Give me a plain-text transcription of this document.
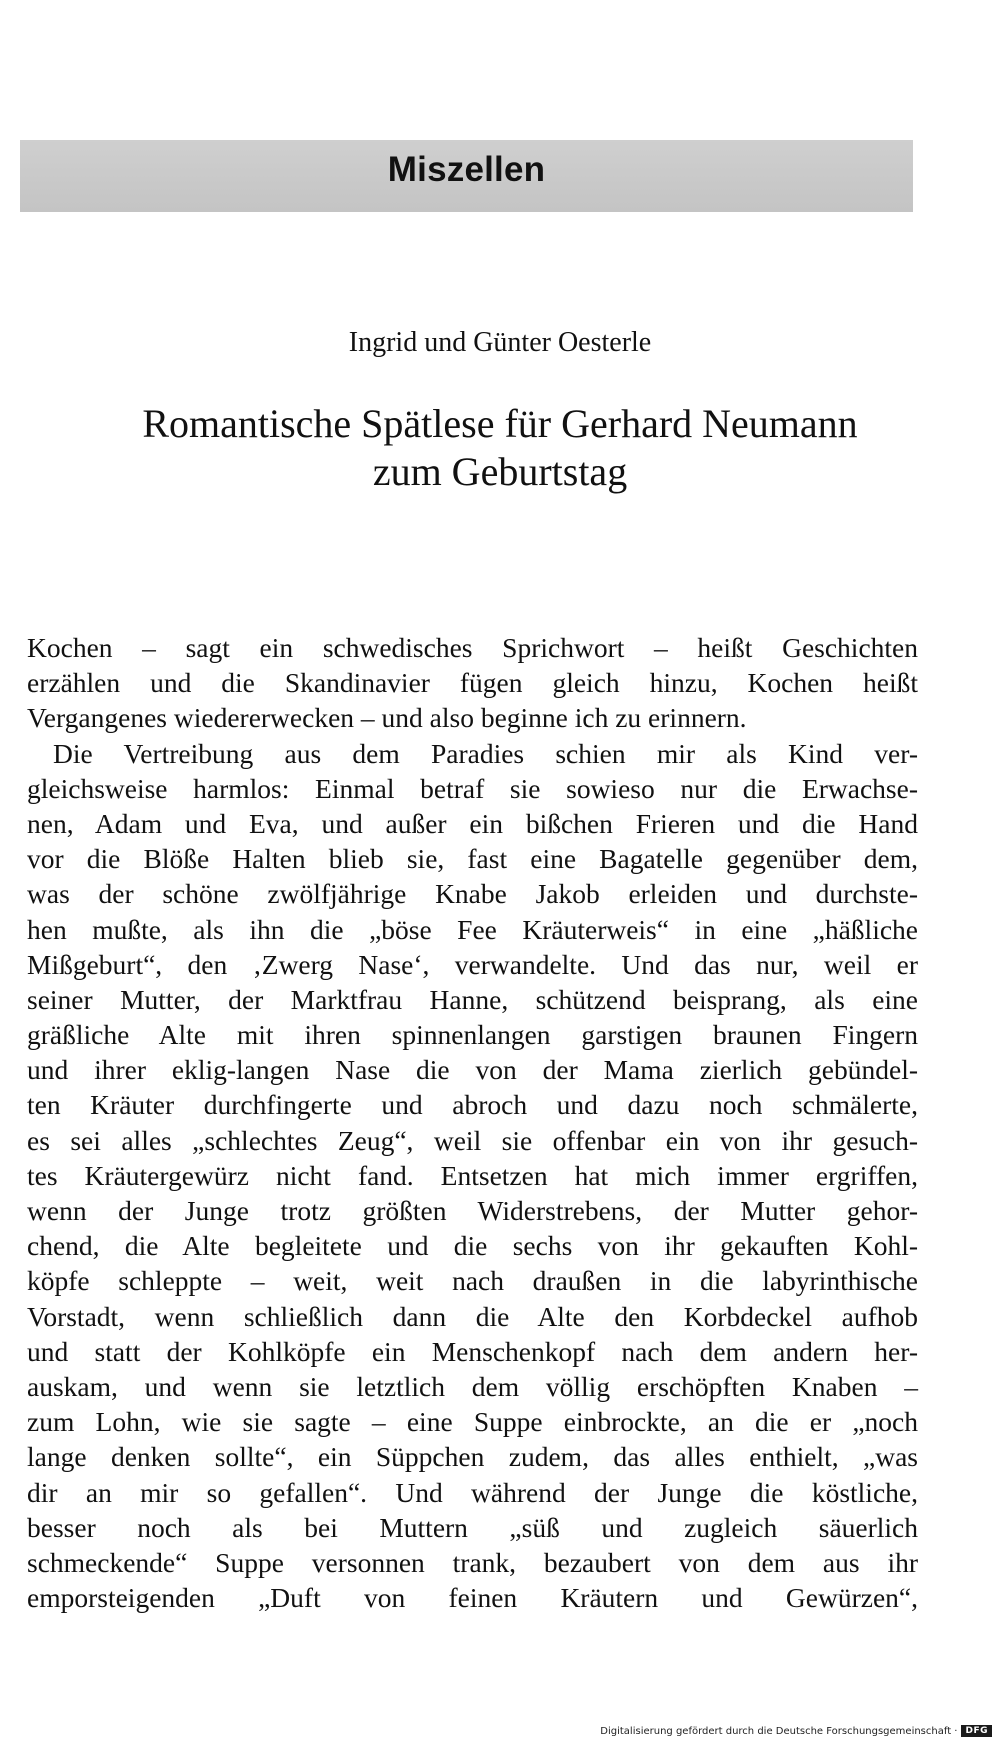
Miszellen
Ingrid und Günter Oesterle
Romantische Spätlese für Gerhard Neumann
zum Geburtstag
Kochen – sagt ein schwedisches Sprichwort – heißt Geschichten
erzählen und die Skandinavier fügen gleich hinzu, Kochen heißt
Vergangenes wiedererwecken – und also beginne ich zu erinnern.
Die Vertreibung aus dem Paradies schien mir als Kind ver-
gleichsweise harmlos: Einmal betraf sie sowieso nur die Erwachse-
nen, Adam und Eva, und außer ein bißchen Frieren und die Hand
vor die Blöße Halten blieb sie, fast eine Bagatelle gegenüber dem,
was der schöne zwölfjährige Knabe Jakob erleiden und durchste-
hen mußte, als ihn die „böse Fee Kräuterweis“ in eine „häßliche
Mißgeburt“, den ‚Zwerg Nase‘, verwandelte. Und das nur, weil er
seiner Mutter, der Marktfrau Hanne, schützend beisprang, als eine
gräßliche Alte mit ihren spinnenlangen garstigen braunen Fingern
und ihrer eklig-langen Nase die von der Mama zierlich gebündel-
ten Kräuter durchfingerte und abroch und dazu noch schmälerte,
es sei alles „schlechtes Zeug“, weil sie offenbar ein von ihr gesuch-
tes Kräutergewürz nicht fand. Entsetzen hat mich immer ergriffen,
wenn der Junge trotz größten Widerstrebens, der Mutter gehor-
chend, die Alte begleitete und die sechs von ihr gekauften Kohl-
köpfe schleppte – weit, weit nach draußen in die labyrinthische
Vorstadt, wenn schließlich dann die Alte den Korbdeckel aufhob
und statt der Kohlköpfe ein Menschenkopf nach dem andern her-
auskam, und wenn sie letztlich dem völlig erschöpften Knaben –
zum Lohn, wie sie sagte – eine Suppe einbrockte, an die er „noch
lange denken sollte“, ein Süppchen zudem, das alles enthielt, „was
dir an mir so gefallen“. Und während der Junge die köstliche,
besser noch als bei Muttern „süß und zugleich säuerlich
schmeckende“ Suppe versonnen trank, bezaubert von dem aus ihr
emporsteigenden „Duft von feinen Kräutern und Gewürzen“,
Digitalisierung gefördert durch die Deutsche Forschungsgemeinschaft · DFG
